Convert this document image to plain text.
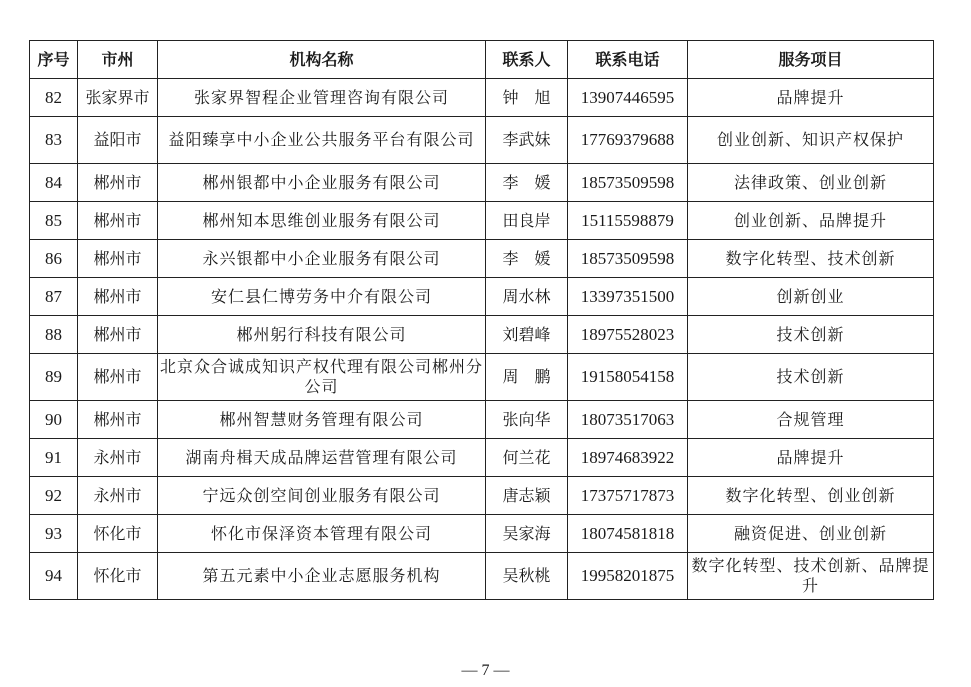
序号	市州	机构名称	联系人	联系电话	服务项目
82	张家界市	张家界智程企业管理咨询有限公司	钟　旭	13907446595	品牌提升
83	益阳市	益阳臻享中小企业公共服务平台有限公司	李武妹	17769379688	创业创新、知识产权保护
84	郴州市	郴州银都中小企业服务有限公司	李　媛	18573509598	法律政策、创业创新
85	郴州市	郴州知本思维创业服务有限公司	田良岸	15115598879	创业创新、品牌提升
86	郴州市	永兴银都中小企业服务有限公司	李　媛	18573509598	数字化转型、技术创新
87	郴州市	安仁县仁博劳务中介有限公司	周水林	13397351500	创新创业
88	郴州市	郴州躬行科技有限公司	刘碧峰	18975528023	技术创新
89	郴州市	北京众合诚成知识产权代理有限公司郴州分公司	周　鹏	19158054158	技术创新
90	郴州市	郴州智慧财务管理有限公司	张向华	18073517063	合规管理
91	永州市	湖南舟楫天成品牌运营管理有限公司	何兰花	18974683922	品牌提升
92	永州市	宁远众创空间创业服务有限公司	唐志颖	17375717873	数字化转型、创业创新
93	怀化市	怀化市保泽资本管理有限公司	吴家海	18074581818	融资促进、创业创新
94	怀化市	第五元素中小企业志愿服务机构	吴秋桃	19958201875	数字化转型、技术创新、品牌提升
— 7 —
